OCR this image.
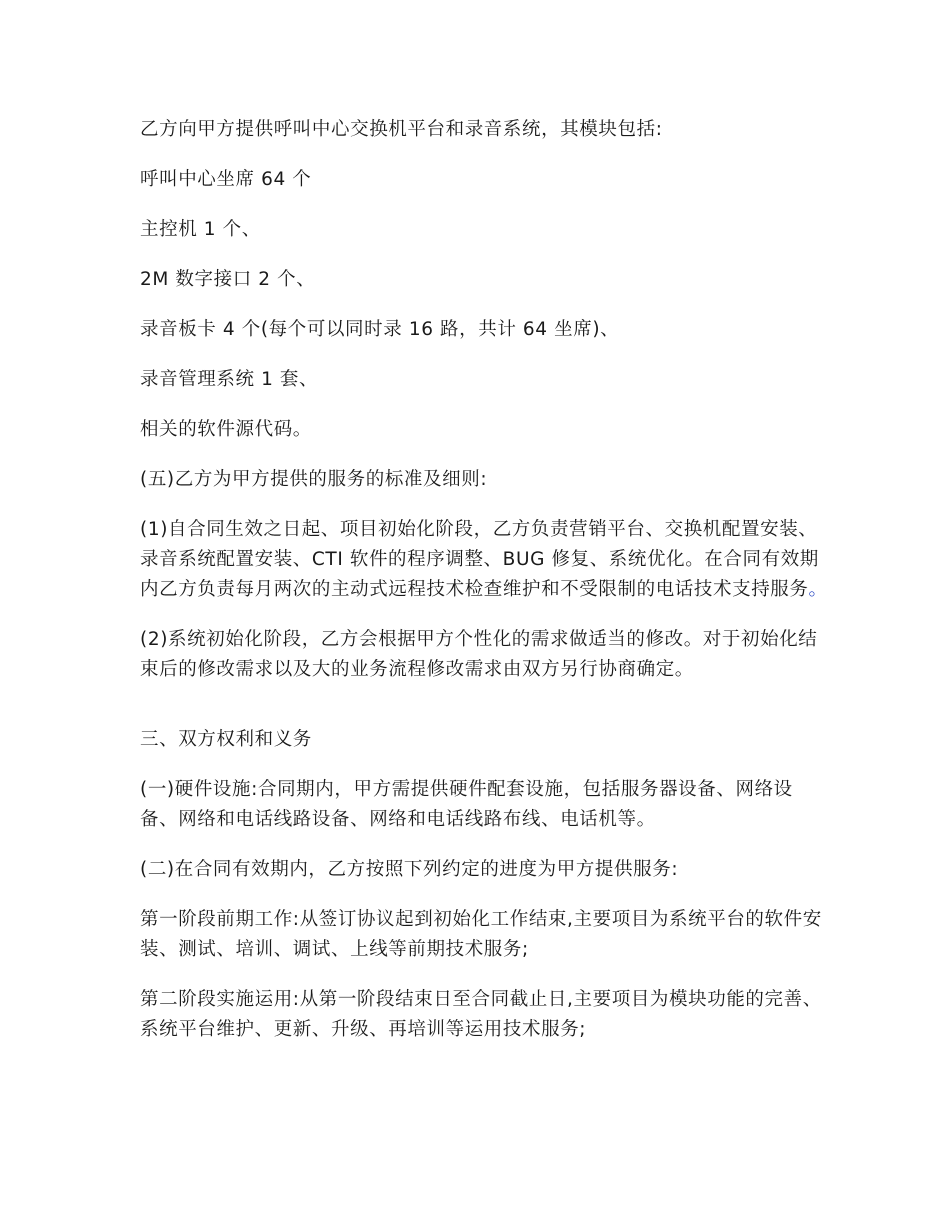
乙方向甲方提供呼叫中心交换机平台和录音系统，其模块包括:

呼叫中心坐席 64 个

主控机 1 个、

2M 数字接口 2 个、

录音板卡 4 个(每个可以同时录 16 路，共计 64 坐席)、

录音管理系统 1 套、

相关的软件源代码。

(五)乙方为甲方提供的服务的标准及细则:

(1)自合同生效之日起、项目初始化阶段，乙方负责营销平台、交换机配置安装、录音系统配置安装、CTI 软件的程序调整、BUG 修复、系统优化。在合同有效期内乙方负责每月两次的主动式远程技术检查维护和不受限制的电话技术支持服务。

(2)系统初始化阶段，乙方会根据甲方个性化的需求做适当的修改。对于初始化结束后的修改需求以及大的业务流程修改需求由双方另行协商确定。

三、双方权利和义务

(一)硬件设施:合同期内，甲方需提供硬件配套设施，包括服务器设备、网络设备、网络和电话线路设备、网络和电话线路布线、电话机等。

(二)在合同有效期内，乙方按照下列约定的进度为甲方提供服务:

第一阶段前期工作:从签订协议起到初始化工作结束,主要项目为系统平台的软件安装、测试、培训、调试、上线等前期技术服务;

第二阶段实施运用:从第一阶段结束日至合同截止日,主要项目为模块功能的完善、系统平台维护、更新、升级、再培训等运用技术服务;
